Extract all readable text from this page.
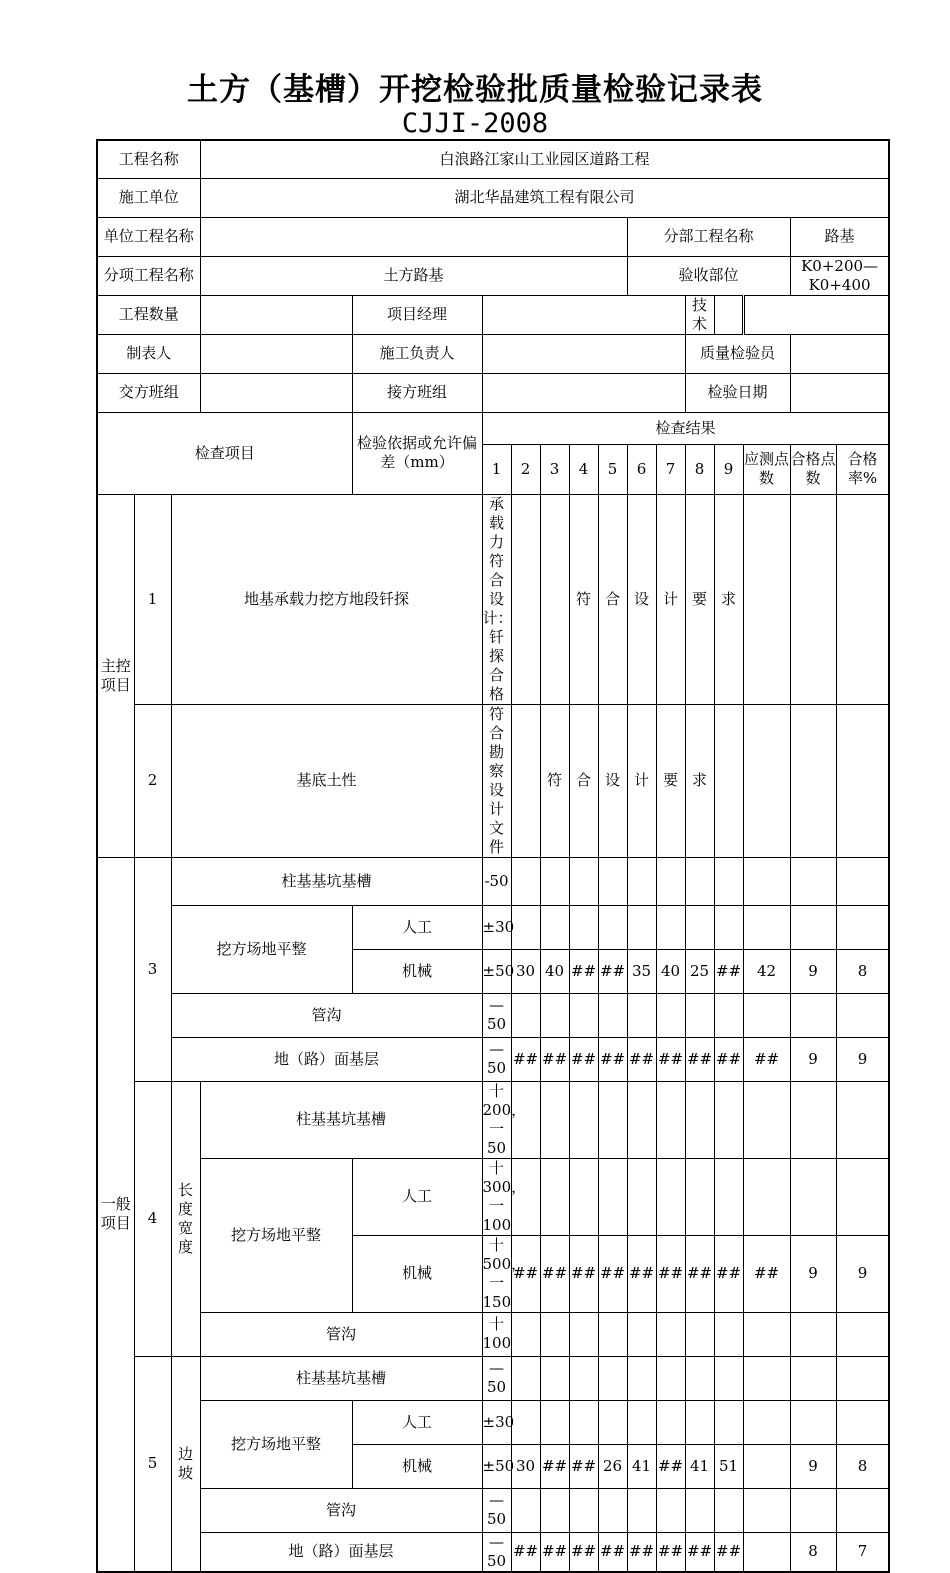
土方（基槽）开挖检验批质量检验记录表
CJJI-2008
工程名称			白浪路江家山工业园区道路工程														
施工单位			湖北华晶建筑工程有限公司														
单位工程名称										分部工程名称					路基		
分项工程名称			土方路基							验收部位					K0+200—K0+400		
工程数量				项目经理								技术					
制表人				施工负责人								质量检验员					
交方班组				接方班组								检验日期					
检查项目				检验依据或允许偏差（mm）	检查结果												
					1	2	3	4	5	6	7	8	9	应测点数	合格点数	合格率%	
主控项目	1	地基承载力挖方地段钎探			承载力符合设计：钎探合格			符	合	设	计	要	求				
	2	基底土性			符合勘察设计文件		符	合	设	计	要	求					
一般项目	3	柱基基坑基槽			-50												
		挖方场地平整		人工	±30												
				机械	±50	30	40	##	##	35	40	25	##	42	9	8	
		管沟			—50												
		地（路）面基层			—50	##	##	##	##	##	##	##	##	##	9	9	
	4	长度宽度	柱基基坑基槽		十200，一50												
			挖方场地平整	人工	十300，一100												
				机械	十500，一150	##	##	##	##	##	##	##	##	##	9	9	
			管沟		十100												
	5	边坡	柱基基坑基槽		—50												
			挖方场地平整	人工	±30												
				机械	±50	30	##	##	26	41	##	41	51		9	8	
			管沟		—50												
			地（路）面基层		—50	##	##	##	##	##	##	##	##		8	7	
